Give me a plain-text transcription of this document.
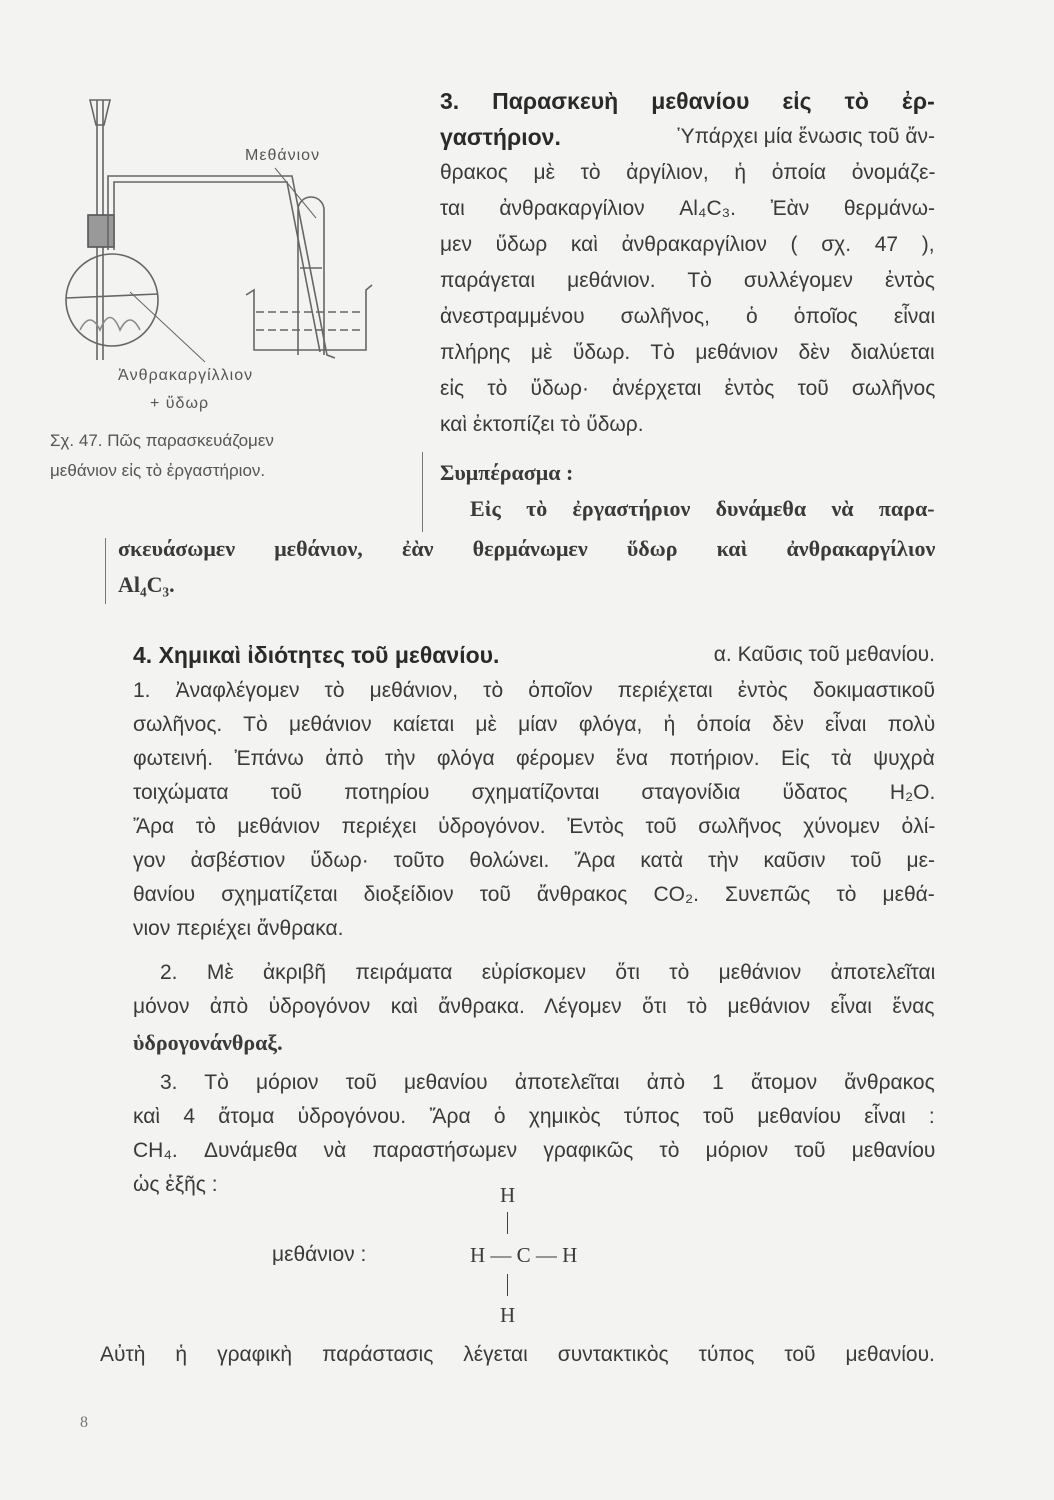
Μεθάνιον
Ἀνθρακαργίλλιον
+ ὕδωρ
Σχ. 47. Πῶς παρασκευάζομεν
μεθάνιον εἰς τὸ ἐργαστήριον.
3. Παρασκευὴ μεθανίου εἰς τὸ ἐρ-
γαστήριον.	Ὑπάρχει μία ἕνωσις τοῦ ἄν-
θρακος μὲ τὸ ἀργίλιον, ἡ ὁποία ὀνομάζε-
ται ἀνθρακαργίλιον Al₄C₃. Ἐὰν θερμάνω-
μεν ὕδωρ καὶ ἀνθρακαργίλιον ( σχ. 47 ),
παράγεται μεθάνιον. Τὸ συλλέγομεν ἐντὸς
ἀνεστραμμένου σωλῆνος, ὁ ὁποῖος εἶναι
πλήρης μὲ ὕδωρ. Τὸ μεθάνιον δὲν διαλύεται
εἰς τὸ ὕδωρ· ἀνέρχεται ἐντὸς τοῦ σωλῆνος
καὶ ἐκτοπίζει τὸ ὕδωρ.
Συμπέρασμα :
Εἰς τὸ ἐργαστήριον δυνάμεθα νὰ παρα-
σκευάσωμεν μεθάνιον, ἐὰν θερμάνωμεν ὕδωρ καὶ ἀνθρακαργίλιον
Al₄C₃.
4. Χημικαὶ ἰδιότητες τοῦ μεθανίου.	α. Καῦσις τοῦ μεθανίου.
1. Ἀναφλέγομεν τὸ μεθάνιον, τὸ ὁποῖον περιέχεται ἐντὸς δοκιμαστικοῦ
σωλῆνος. Τὸ μεθάνιον καίεται μὲ μίαν φλόγα, ἡ ὁποία δὲν εἶναι πολὺ
φωτεινή. Ἐπάνω ἀπὸ τὴν φλόγα φέρομεν ἕνα ποτήριον. Εἰς τὰ ψυχρὰ
τοιχώματα τοῦ ποτηρίου σχηματίζονται σταγονίδια ὕδατος H₂O.
Ἄρα τὸ μεθάνιον περιέχει ὑδρογόνον. Ἐντὸς τοῦ σωλῆνος χύνομεν ὀλί-
γον ἀσβέστιον ὕδωρ· τοῦτο θολώνει. Ἄρα κατὰ τὴν καῦσιν τοῦ με-
θανίου σχηματίζεται διοξείδιον τοῦ ἄνθρακος CO₂. Συνεπῶς τὸ μεθά-
νιον περιέχει ἄνθρακα.
2. Μὲ ἀκριβῆ πειράματα εὑρίσκομεν ὅτι τὸ μεθάνιον ἀποτελεῖται
μόνον ἀπὸ ὑδρογόνον καὶ ἄνθρακα. Λέγομεν ὅτι τὸ μεθάνιον εἶναι ἕνας
ὑδρογονάνθραξ.
3. Τὸ μόριον τοῦ μεθανίου ἀποτελεῖται ἀπὸ 1 ἄτομον ἄνθρακος
καὶ 4 ἄτομα ὑδρογόνου. Ἄρα ὁ χημικὸς τύπος τοῦ μεθανίου εἶναι :
CH₄. Δυνάμεθα νὰ παραστήσωμεν γραφικῶς τὸ μόριον τοῦ μεθανίου
ὡς ἑξῆς :	H
μεθάνιον :	H — C — H
H
Αὐτὴ ἡ γραφικὴ παράστασις λέγεται συντακτικὸς τύπος τοῦ μεθανίου.
8
